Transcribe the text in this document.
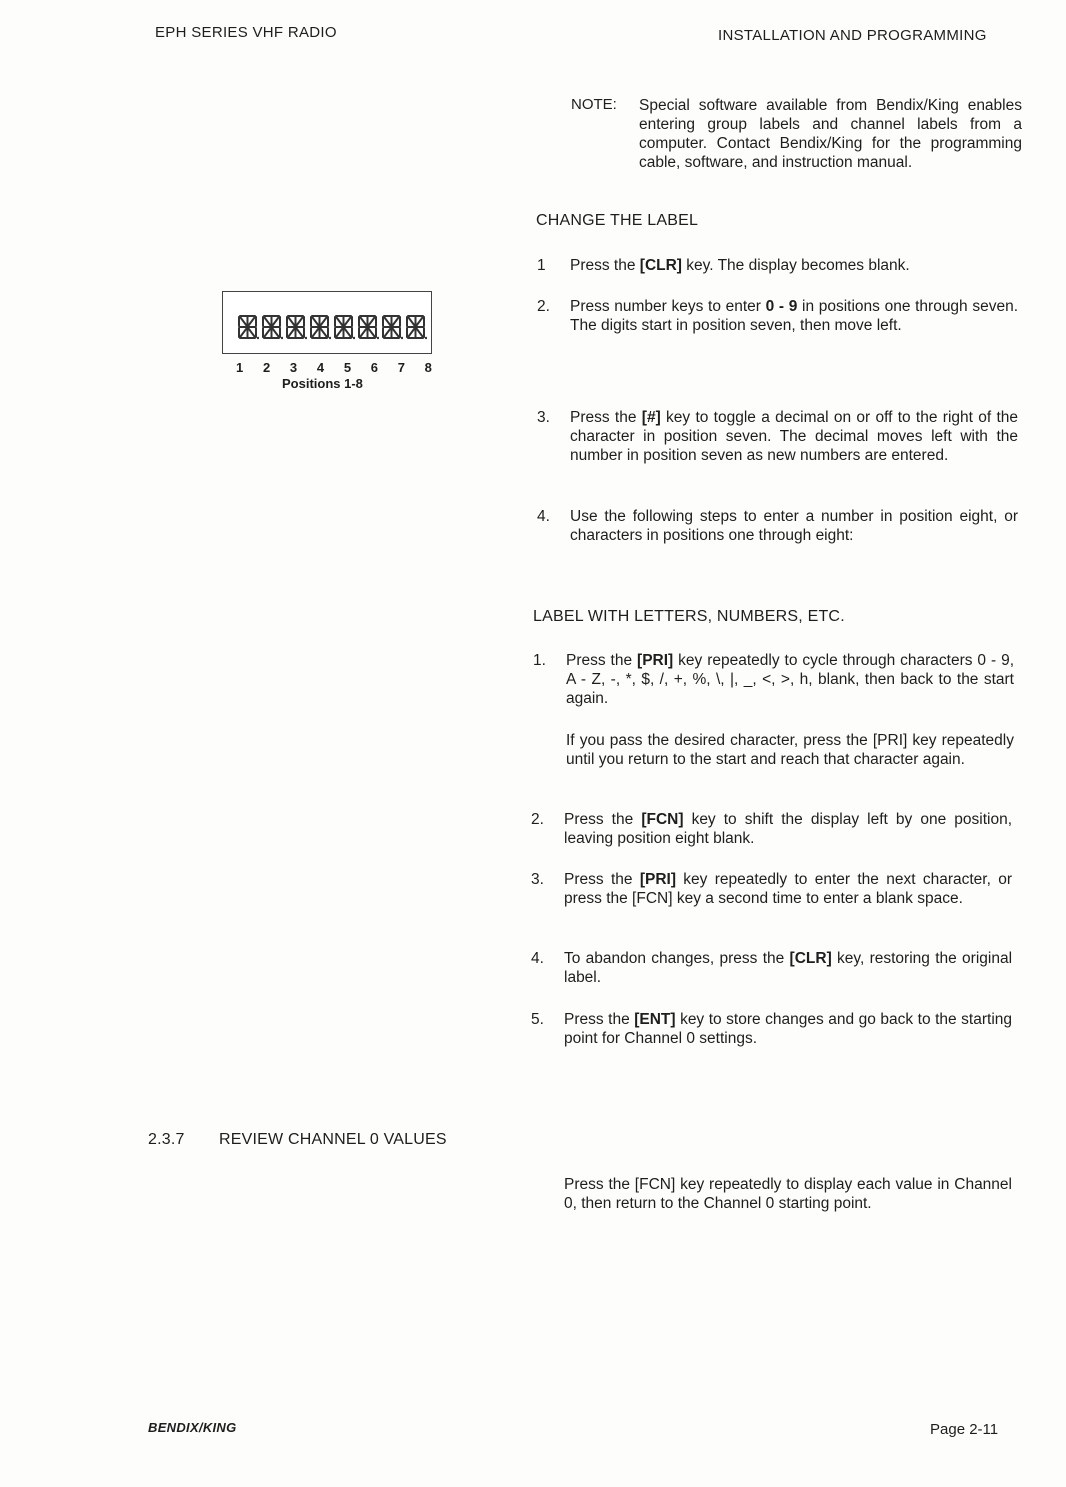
EPH SERIES VHF RADIO	INSTALLATION AND PROGRAMMING
NOTE: Special software available from Bendix/King enables entering group labels and channel labels from a computer. Contact Bendix/King for the programming cable, software, and instruction manual.
CHANGE THE LABEL
1 Press the [CLR] key. The display becomes blank.
2. Press number keys to enter 0 - 9 in positions one through seven. The digits start in position seven, then move left.
3. Press the [#] key to toggle a decimal on or off to the right of the character in position seven. The decimal moves left with the number in position seven as new numbers are entered.
4. Use the following steps to enter a number in position eight, or characters in positions one through eight:
1 2 3 4 5 6 7 8
Positions 1-8
LABEL WITH LETTERS, NUMBERS, ETC.
1. Press the [PRI] key repeatedly to cycle through characters 0 - 9, A - Z, -, *, $, /, +, %, \, |, _, <, >, h, blank, then back to the start again.
If you pass the desired character, press the [PRI] key repeatedly until you return to the start and reach that character again.
2. Press the [FCN] key to shift the display left by one position, leaving position eight blank.
3. Press the [PRI] key repeatedly to enter the next character, or press the [FCN] key a second time to enter a blank space.
4. To abandon changes, press the [CLR] key, restoring the original label.
5. Press the [ENT] key to store changes and go back to the starting point for Channel 0 settings.
2.3.7 REVIEW CHANNEL 0 VALUES
Press the [FCN] key repeatedly to display each value in Channel 0, then return to the Channel 0 starting point.
BENDIX/KING	Page 2-11
